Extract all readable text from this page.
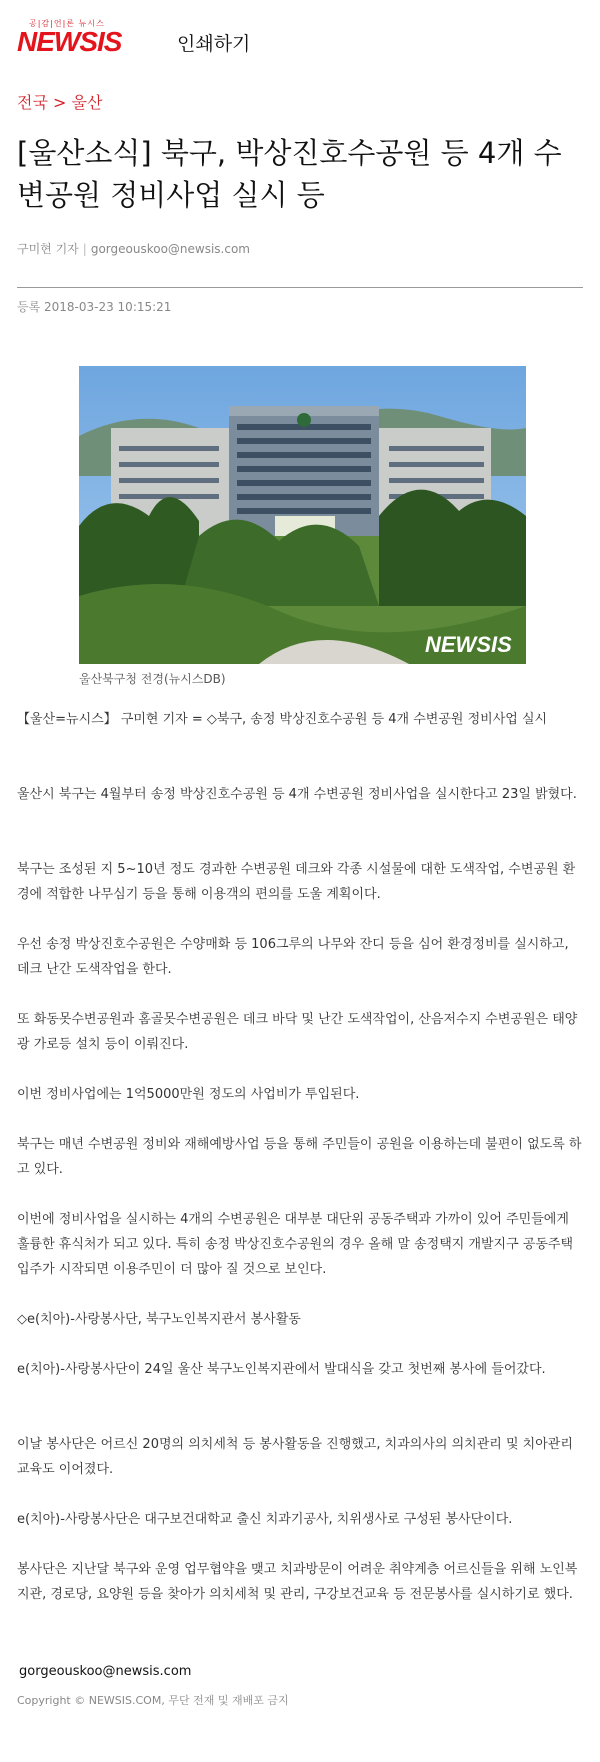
공|감|언|론 뉴시스
NEWSIS	인쇄하기
전국 > 울산
[울산소식] 북구, 박상진호수공원 등 4개 수변공원 정비사업 실시 등
구미현 기자 | gorgeouskoo@newsis.com
등록 2018-03-23 10:15:21
NEWSIS
울산북구청 전경(뉴시스DB)

【울산=뉴시스】 구미현 기자 = ◇북구, 송정 박상진호수공원 등 4개 수변공원 정비사업 실시

울산시 북구는 4월부터 송정 박상진호수공원 등 4개 수변공원 정비사업을 실시한다고 23일 밝혔다.

북구는 조성된 지 5~10년 정도 경과한 수변공원 데크와 각종 시설물에 대한 도색작업, 수변공원 환경에 적합한 나무심기 등을 통해 이용객의 편의를 도울 계획이다.

우선 송정 박상진호수공원은 수양매화 등 106그루의 나무와 잔디 등을 심어 환경정비를 실시하고, 데크 난간 도색작업을 한다.

또 화동못수변공원과 홈골못수변공원은 데크 바닥 및 난간 도색작업이, 산음저수지 수변공원은 태양광 가로등 설치 등이 이뤄진다.

이번 정비사업에는 1억5000만원 정도의 사업비가 투입된다.

북구는 매년 수변공원 정비와 재해예방사업 등을 통해 주민들이 공원을 이용하는데 불편이 없도록 하고 있다.

이번에 정비사업을 실시하는 4개의 수변공원은 대부분 대단위 공동주택과 가까이 있어 주민들에게 훌륭한 휴식처가 되고 있다. 특히 송정 박상진호수공원의 경우 올해 말 송정택지 개발지구 공동주택 입주가 시작되면 이용주민이 더 많아 질 것으로 보인다.

◇e(치아)-사랑봉사단, 북구노인복지관서 봉사활동

e(치아)-사랑봉사단이 24일 울산 북구노인복지관에서 발대식을 갖고 첫번째 봉사에 들어갔다.

이날 봉사단은 어르신 20명의 의치세척 등 봉사활동을 진행했고, 치과의사의 의치관리 및 치아관리 교육도 이어졌다.

e(치아)-사랑봉사단은 대구보건대학교 출신 치과기공사, 치위생사로 구성된 봉사단이다.

봉사단은 지난달 북구와 운영 업무협약을 맺고 치과방문이 어려운 취약계층 어르신들을 위해 노인복지관, 경로당, 요양원 등을 찾아가 의치세척 및 관리, 구강보건교육 등 전문봉사를 실시하기로 했다.

gorgeouskoo@newsis.com
Copyright © NEWSIS.COM, 무단 전재 및 재배포 금지
